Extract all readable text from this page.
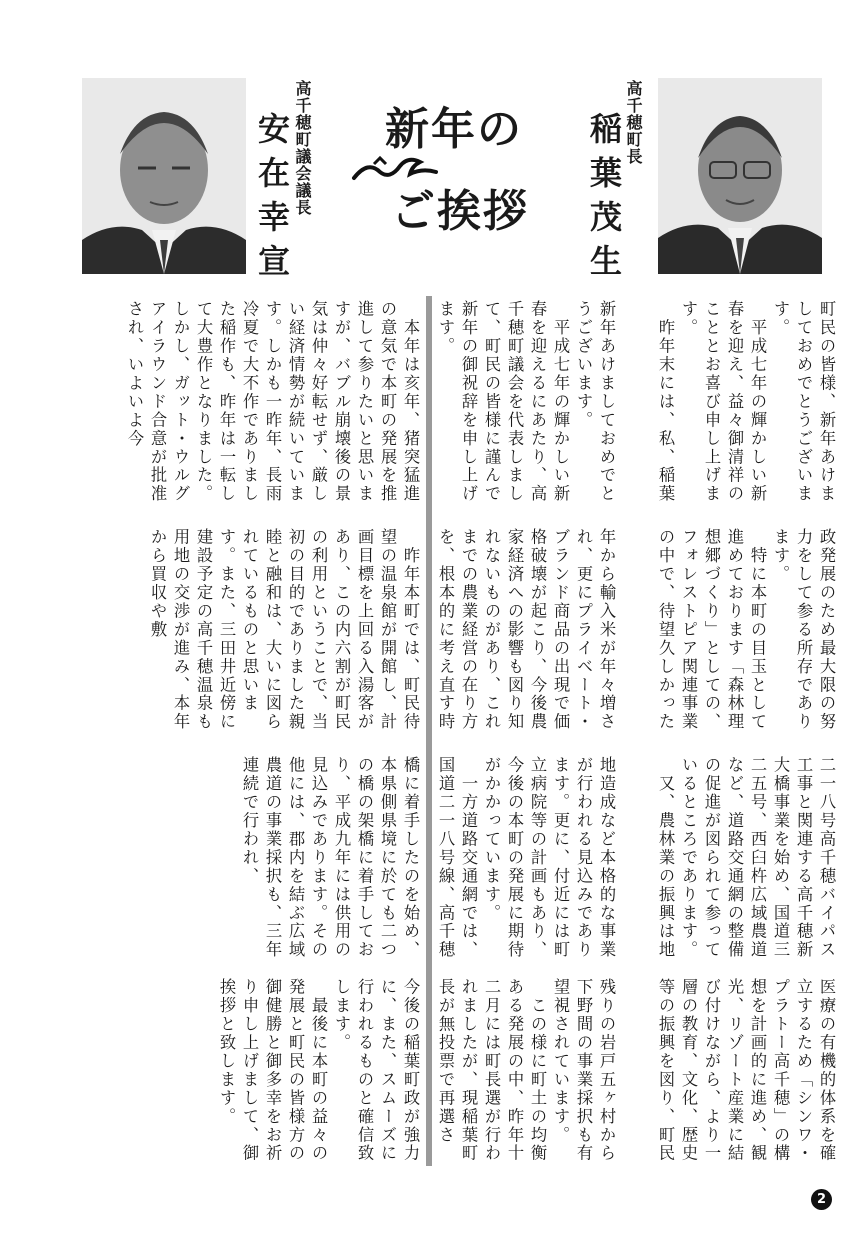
高千穂町長
稲葉茂生
新年の
ご挨拶
高千穂町議会議長
安在幸宣
町民の皆様、新年あけましておめでとうございます。
　平成七年の輝かしい新春を迎え、益々御清祥のこととお喜び申し上げます。
　昨年末には、私、稲葉
政発展のため最大限の努力をして参る所存であります。
　特に本町の目玉として進めております「森林理想郷づくり」としての、フォレストピア関連事業の中で、待望久しかった

二一八号高千穂バイパス工事と関連する高千穂新大橋事業を始め、国道三二五号、西臼杵広域農道など、道路交通網の整備の促進が図られて参っているところであります。
　又、農林業の振興は地

医療の有機的体系を確立するため「シンワ・プラトー高千穂」の構想を計画的に進め、観光、リゾート産業に結び付けながら、より一層の教育、文化、歴史等の振興を図り、町民

新年あけましておめでとうございます。
　平成七年の輝かしい新春を迎えるにあたり、高千穂町議会を代表しまして、町民の皆様に謹んで新年の御祝辞を申し上げます。
　本年は亥年、猪突猛進の意気で本町の発展を推進して参りたいと思いますが、バブル崩壊後の景気は仲々好転せず、厳しい経済情勢が続いています。しかも一昨年、長雨冷夏で大不作でありました稲作も、昨年は一転して大豊作となりました。しかし、ガット・ウルグアイラウンド合意が批准され、いよいよ今
年から輸入米が年々増され、更にプライベート・ブランド商品の出現で価格破壊が起こり、今後農家経済への影響も図り知れないものがあり、これまでの農業経営の在り方を、根本的に考え直す時
　昨年本町では、町民待望の温泉館が開館し、計画目標を上回る入湯客があり、この内六割が町民の利用ということで、当初の目的でありました親睦と融和は、大いに図られているものと思います。また、三田井近傍に建設予定の高千穂温泉も用地の交渉が進み、本年から買収や敷
地造成など本格的な事業が行われる見込みであります。更に、付近には町立病院等の計画もあり、今後の本町の発展に期待がかかっています。
　一方道路交通網では、国道二一八号線、高千穂
橋に着手したのを始め、本県側県境に於ても二つの橋の架橋に着手しており、平成九年には供用の見込みであります。その他には、郡内を結ぶ広域農道の事業採択も、三年連続で行われ、
残りの岩戸五ヶ村から下野間の事業採択も有望視されています。
　この様に町土の均衡ある発展の中、昨年十二月には町長選が行われましたが、現稲葉町長が無投票で再選さ
今後の稲葉町政が強力に、また、スムーズに行われるものと確信致します。
　最後に本町の益々の発展と町民の皆様方の御健勝と御多幸をお祈り申し上げまして、御挨拶と致します。
2
